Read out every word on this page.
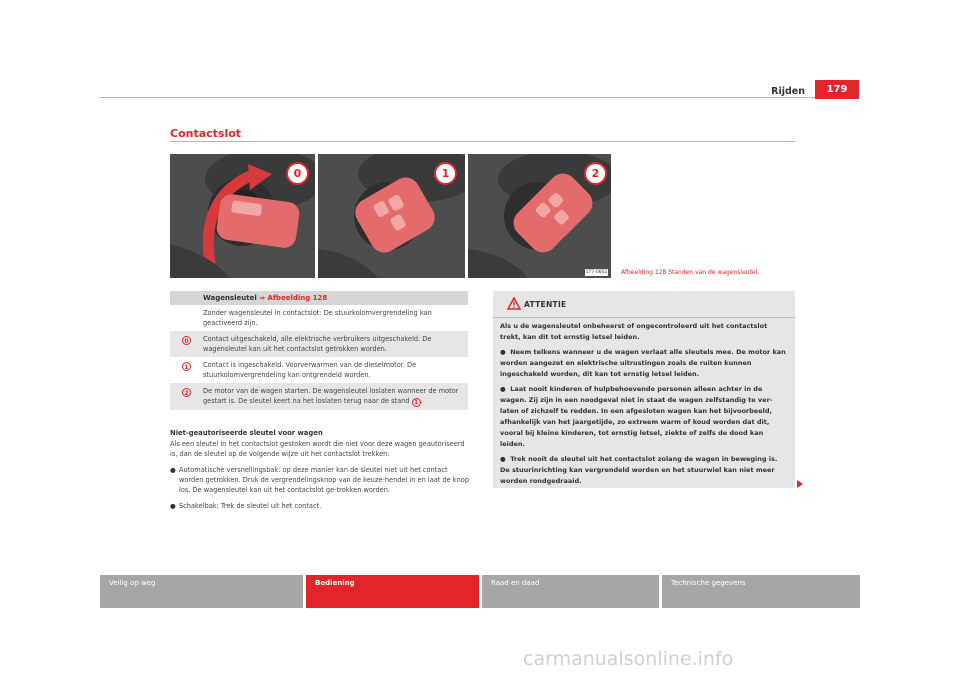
Rijden	179
Contactslot
0	1	2
1T7-0602 Afbeelding 128 Standen van de wagensleutel.
Wagensleutel ⇒ Afbeelding 128
Zonder wagensleutel in contactslot: De stuurkolomvergrendeling kan geactiveerd zijn.
0	Contact uitgeschakeld, alle elektrische verbruikers uitgeschakeld. De wagensleutel kan uit het contactslot getrokken worden.
1	Contact is ingeschakeld. Voorverwarmen van de dieselmotor. De stuurkolomvergrendeling kan ontgrendeld worden.
2	De motor van de wagen starten. De wagensleutel loslaten wanneer de motor gestart is. De sleutel keert na het loslaten terug naar de stand 1 .
Niet-geautoriseerde sleutel voor wagen

Als een sleutel in het contactslot gestoken wordt die niet voor deze wagen geautoriseerd is, dan de sleutel op de volgende wijze uit het contactslot trekken:

● Automatische versnellingsbak: op deze manier kan de sleutel niet uit het contact worden getrokken. Druk de vergrendelingsknop van de keuze-hendel in en laat de knop los. De wagensleutel kan uit het contactslot ge-trokken worden.
● Schakelbak: Trek de sleutel uit het contact.
ATTENTIE

Als u de wagensleutel onbeheerst of ongecontroleerd uit het contactslot trekt, kan dit tot ernstig letsel leiden.

●  Neem telkens wanneer u de wagen verlaat alle sleutels mee. De motor kan worden aangezet en elektrische uitrustingen zoals de ruiten kunnen ingeschakeld worden, dit kan tot ernstig letsel leiden.

●  Laat nooit kinderen of hulpbehoevende personen alleen achter in de wagen. Zij zijn in een noodgeval niet in staat de wagen zelfstandig te ver-laten of zichzelf te redden. In een afgesloten wagen kan het bijvoorbeeld, afhankelijk van het jaargetijde, zo extreem warm of koud worden dat dit, vooral bij kleine kinderen, tot ernstig letsel, ziekte of zelfs de dood kan leiden.

●  Trek nooit de sleutel uit het contactslot zolang de wagen in beweging is. De stuurinrichting kan vergrendeld worden en het stuurwiel kan niet meer worden rondgedraaid.

Veilig op weg	Bediening	Raad en daad	Technische gegevens
carmanualsonline.info
